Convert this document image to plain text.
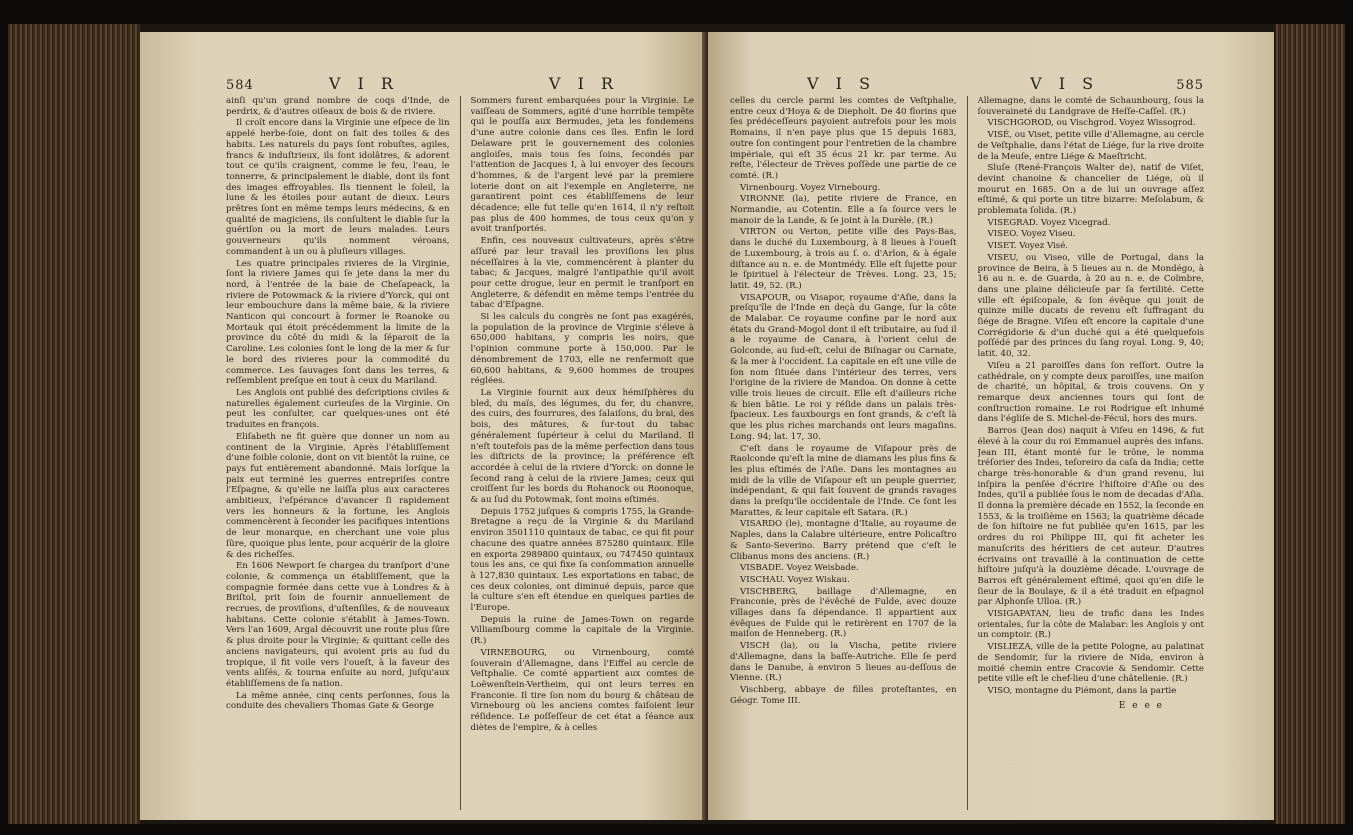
584	V I R	V I R

ainſi qu'un grand nombre de coqs d'Inde, de perdrix, & d'autres oiſeaux de bois & de riviere.

Il croît encore dans la Virginie une eſpece de lin appelé herbe-ſoie, dont on fait des toiles & des habits. Les naturels du pays ſont robuſtes, agiles, francs & induſtrieux, ils ſont idolâtres, & adorent tout ce qu'ils craignent, comme le feu, l'eau, le tonnerre, & principalement le diable, dont ils font des images effroyables. Ils tiennent le ſoleil, la lune & les étoiles pour autant de dieux. Leurs prêtres ſont en même temps leurs médecins, & en qualité de magiciens, ils conſultent le diable ſur la guériſon ou la mort de leurs malades. Leurs gouverneurs qu'ils nomment véroans, commandent à un ou à pluſieurs villages.

Les quatre principales rivieres de la Virginie, ſont la riviere James qui ſe jete dans la mer du nord, à l'entrée de la baie de Cheſapeack, la riviere de Potowmack & la riviere d'Yorck, qui ont leur embouchure dans la même baie, & la riviere Nanticon qui concourt à former le Roanoke ou Mortauk qui étoit précédemment la limite de la province du côté du midi & la ſéparoit de la Caroline. Les colonies ſont le long de la mer & ſur le bord des rivieres pour la commodité du commerce. Les ſauvages ſont dans les terres, & reſſemblent preſque en tout à ceux du Mariland.

Les Anglois ont publié des deſcriptions civiles & naturelles également curieuſes de la Virginie. On peut les conſulter, car quelques-unes ont été traduites en françois.

Eliſabeth ne fit guère que donner un nom au continent de la Virginie. Après l'établiſſement d'une foible colonie, dont on vit bientôt la ruine, ce pays fut entièrement abandonné. Mais lorſque la paix eut terminé les guerres entrepriſes contre l'Eſpagne, & qu'elle ne laiſſa plus aux caracteres ambitieux, l'eſpérance d'avancer ſi rapidement vers les honneurs & la fortune, les Anglois commencèrent à ſeconder les pacifiques intentions de leur monarque, en cherchant une voie plus ſûre, quoique plus lente, pour acquérir de la gloire & des richeſſes.

En 1606 Newport ſe chargea du tranſport d'une colonie, & commença un établiſſement, que la compagnie formée dans cette vue à Londres & à Briſtol, prit ſoin de fournir annuellement de recrues, de proviſions, d'uſtenſiles, & de nouveaux habitans. Cette colonie s'établit à James-Town. Vers l'an 1609, Argal découvrit une route plus ſûre & plus droite pour la Virginie; & quittant celle des anciens navigateurs, qui avoient pris au ſud du tropique, il fit voile vers l'oueſt, à la faveur des vents aliſés, & tourna enſuite au nord, juſqu'aux établiſſemens de ſa nation.

La même année, cinq cents perſonnes, ſous la conduite des chevaliers Thomas Gate & George

Sommers furent embarquées pour la Virginie. Le vaiſſeau de Sommers, agité d'une horrible tempête qui le pouſſa aux Bermudes, jeta les fondemens d'une autre colonie dans ces îles. Enfin le lord Delaware prit le gouvernement des colonies angloiſes, mais tous ſes ſoins, ſecondés par l'attention de Jacques I, à lui envoyer des ſecours d'hommes, & de l'argent levé par la premiere loterie dont on ait l'exemple en Angleterre, ne garantirent point ces établiſſemens de leur décadence; elle fut telle qu'en 1614, il n'y reſtoit pas plus de 400 hommes, de tous ceux qu'on y avoit tranſportés.

Enfin, ces nouveaux cultivateurs, après s'être aſſuré par leur travail les proviſions les plus néceſſaires à la vie, commencèrent à planter du tabac; & Jacques, malgré l'antipathie qu'il avoit pour cette drogue, leur en permit le tranſport en Angleterre, & défendit en même temps l'entrée du tabac d'Eſpagne.

Si les calculs du congrès ne ſont pas exagérés, la population de la province de Virginie s'éleve à 650,000 habitans, y compris les noirs, que l'opinion commune porte à 150,000. Par le dénombrement de 1703, elle ne renfermoit que 60,600 habitans, & 9,600 hommes de troupes réglées.

La Virginie fournit aux deux hémiſphères du bled, du maïs, des légumes, du fer, du chanvre, des cuirs, des fourrures, des ſalaiſons, du brai, des bois, des mâtures, & ſur-tout du tabac généralement ſupérieur à celui du Mariland. Il n'eſt toutefois pas de la même perfection dans tous les diſtricts de la province; la préférence eſt accordée à celui de la riviere d'Yorck: on donne le ſecond rang à celui de la riviere James; ceux qui croiſſent ſur les bords du Rohanock ou Roonoque, & au ſud du Potowmak, ſont moins eſtimés.

Depuis 1752 juſques & compris 1755, la Grande-Bretagne a reçu de la Virginie & du Mariland environ 3501110 quintaux de tabac, ce qui fit pour chacune des quatre années 875280 quintaux. Elle en exporta 2989800 quintaux, ou 747450 quintaux tous les ans, ce qui fixe ſa conſommation annuelle à 127,830 quintaux. Les exportations en tabac, de ces deux colonies, ont diminué depuis, parce que la culture s'en eſt étendue en quelques parties de l'Europe.

Depuis la ruine de James-Town on regarde Villiamſbourg comme la capitale de la Virginie. (R.)

VIRNEBOURG, ou Virnenbourg, comté ſouverain d'Allemagne, dans l'Eiffel au cercle de Veſtphalie. Ce comté appartient aux comtes de Loëwenſtein-Vertheim, qui ont leurs terres en Franconie. Il tire ſon nom du bourg & château de Virnebourg où les anciens comtes faiſoient leur réſidence. Le poſſeſſeur de cet état a ſéance aux diètes de l'empire, & à celles

V I S	V I S	585

celles du cercle parmi les comtes de Veſtphalie, entre ceux d'Hoya & de Diepholt. De 40 florins que ſes prédéceſſeurs payoient autrefois pour les mois Romains, il n'en paye plus que 15 depuis 1683, outre ſon contingent pour l'entretien de la chambre impériale, qui eſt 35 écus 21 kr. par terme. Au reſte, l'électeur de Trèves poſſède une partie de ce comté. (R.)

Virnenbourg. Voyez Virnebourg.

VIRONNE (la), petite riviere de France, en Normandie, au Cotentin. Elle a ſa ſource vers le manoir de la Lande, & ſe joint à la Durèle. (R.)

VIRTON ou Verton, petite ville des Pays-Bas, dans le duché du Luxembourg, à 8 lieues à l'oueſt de Luxembourg, à trois au ſ. o. d'Arlon, & à égale diſtance au n. e. de Montmédy. Elle eſt ſujette pour le ſpirituel à l'électeur de Trèves. Long. 23, 15; latit. 49, 52. (R.)

VISAPOUR, ou Visapor, royaume d'Aſie, dans la preſqu'île de l'Inde en deçà du Gange, ſur la côte de Malabar. Ce royaume confine par le nord aux états du Grand-Mogol dont il eſt tributaire, au ſud il a le royaume de Canara, à l'orient celui de Golconde, au ſud-eſt, celui de Biſnagar ou Carnate, & la mer à l'occident. La capitale en eſt une ville de ſon nom ſituée dans l'intérieur des terres, vers l'origine de la riviere de Mandoa. On donne à cette ville trois lieues de circuit. Elle eſt d'ailleurs riche & bien bâtie. Le roi y réſide dans un palais très-ſpacieux. Les fauxbourgs en ſont grands, & c'eſt là que les plus riches marchands ont leurs magaſins. Long. 94; lat. 17, 30.

C'eſt dans le royaume de Viſapour près de Raolconde qu'eſt la mine de diamans les plus fins & les plus eſtimés de l'Aſie. Dans les montagnes au midi de la ville de Viſapour eſt un peuple guerrier, indépendant, & qui fait ſouvent de grands ravages dans la preſqu'île occidentale de l'Inde. Ce ſont les Marattes, & leur capitale eſt Satara. (R.)

VISARDO (le), montagne d'Italie, au royaume de Naples, dans la Calabre ultérieure, entre Policaſtro & Santo-Severino. Barry prétend que c'eſt le Clibanus mons des anciens. (R.)

VISBADE. Voyez Weisbade.

VISCHAU. Voyez Wiskau.

VISCHBERG, baillage d'Allemagne, en Franconie, près de l'évêché de Fulde, avec douze villages dans ſa dépendance. Il appartient aux évêques de Fulde qui le retirèrent en 1707 de la maiſon de Henneberg. (R.)

VISCH (la), ou la Vischa, petite riviere d'Allemagne, dans la baſſe-Autriche. Elle ſe perd dans le Danube, à environ 5 lieues au-deſſous de Vienne. (R.)

Vischberg, abbaye de filles proteſtantes, en Géogr. Tome III.

Allemagne, dans le comté de Schaunbourg, ſous la ſouveraineté du Landgrave de Heſſe-Caſſel. (R.)

VISCHGOROD, ou Vischgrod. Voyez Wissogrod.

VISÉ, ou Viset, petite ville d'Allemagne, au cercle de Veſtphalie, dans l'état de Liége, ſur la rive droite de la Meuſe, entre Liége & Maeſtricht.

Sluſe (René-François Walter de), natif de Viſet, devint chanoine & chancelier de Liége, où il mourut en 1685. On a de lui un ouvrage aſſez eſtimé, & qui porte un titre bizarre: Meſolabum, & problemata ſolida. (R.)

VISEGRAD. Voyez Vicegrad.

VISEO. Voyez Viseu.

VISET. Voyez Visé.

VISEU, ou Viseo, ville de Portugal, dans la province de Beira, à 5 lieues au n. de Mondégo, à 16 au n. e. de Guarda, à 20 au n. e. de Coïmbre, dans une plaine délicieuſe par ſa fertilité. Cette ville eſt épiſcopale, & ſon évêque qui jouit de quinze mille ducats de revenu eſt ſuffragant du ſiége de Bragne. Viſeu eſt encore la capitale d'une Corrégidorie & d'un duché qui a été quelquefois poſſédé par des princes du ſang royal. Long. 9, 40; latit. 40, 32.

Viſeu a 21 paroiſſes dans ſon reſſort. Outre la cathédrale, on y compte deux paroiſſes, une maiſon de charité, un hôpital, & trois couvens. On y remarque deux anciennes tours qui ſont de conſtruction romaine. Le roi Rodrigue eſt inhumé dans l'égliſe de S. Michel-de-Fécul, hors des murs.

Barros (Jean dos) naquit à Viſeu en 1496, & fut élevé à la cour du roi Emmanuel auprès des infans. Jean III, étant monté ſur le trône, le nomma tréſorier des Indes, teſoreiro da caſa da India; cette charge très-honorable & d'un grand revenu, lui inſpira la penſée d'écrire l'hiſtoire d'Aſie ou des Indes, qu'il a publiée ſous le nom de decadas d'Aſia. Il donna la première décade en 1552, la ſeconde en 1553, & la troiſième en 1563; la quatrième décade de ſon hiſtoire ne fut publiée qu'en 1615, par les ordres du roi Philippe III, qui fit acheter les manuſcrits des héritiers de cet auteur. D'autres écrivains ont travaillé à la continuation de cette hiſtoire juſqu'à la douzième décade. L'ouvrage de Barros eſt généralement eſtimé, quoi qu'en diſe le ſieur de la Boulaye, & il a été traduit en eſpagnol par Alphonſe Ulloa. (R.)

VISIGAPATAN, lieu de trafic dans les Indes orientales, ſur la côte de Malabar: les Anglois y ont un comptoir. (R.)

VISLIEZA, ville de la petite Pologne, au palatinat de Sendomir, ſur la riviere de Nida, environ à moitié chemin entre Cracovie & Sendomir. Cette petite ville eſt le chef-lieu d'une châtellenie. (R.)

VISO, montagne du Piémont, dans la partie

E e e e
